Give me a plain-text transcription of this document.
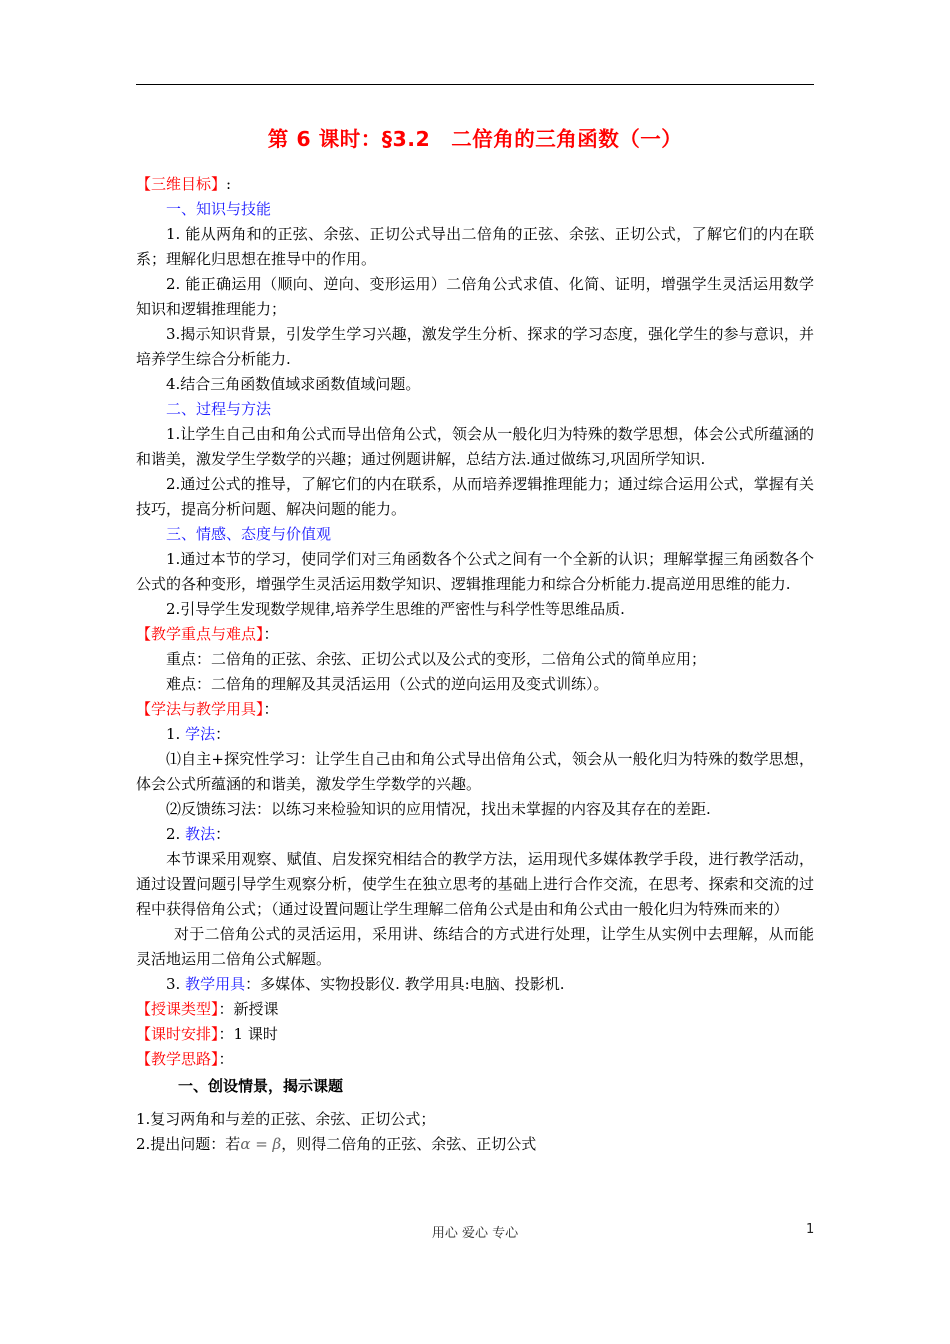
第 6 课时：§3.2　二倍角的三角函数（一）

【三维目标】:

一、知识与技能

1. 能从两角和的正弦、余弦、正切公式导出二倍角的正弦、余弦、正切公式，了解它们的内在联系；理解化归思想在推导中的作用。

2. 能正确运用（顺向、逆向、变形运用）二倍角公式求值、化简、证明，增强学生灵活运用数学知识和逻辑推理能力；

3.揭示知识背景，引发学生学习兴趣，激发学生分析、探求的学习态度，强化学生的参与意识，并培养学生综合分析能力.

4.结合三角函数值域求函数值域问题。

二、过程与方法

1.让学生自己由和角公式而导出倍角公式，领会从一般化归为特殊的数学思想，体会公式所蕴涵的和谐美，激发学生学数学的兴趣；通过例题讲解，总结方法.通过做练习,巩固所学知识.

2.通过公式的推导，了解它们的内在联系，从而培养逻辑推理能力；通过综合运用公式，掌握有关技巧，提高分析问题、解决问题的能力。

三、情感、态度与价值观

1.通过本节的学习，使同学们对三角函数各个公式之间有一个全新的认识；理解掌握三角函数各个公式的各种变形，增强学生灵活运用数学知识、逻辑推理能力和综合分析能力.提高逆用思维的能力.

2.引导学生发现数学规律,培养学生思维的严密性与科学性等思维品质.

【教学重点与难点】：

重点：二倍角的正弦、余弦、正切公式以及公式的变形，二倍角公式的简单应用；

难点：二倍角的理解及其灵活运用（公式的逆向运用及变式训练）。

【学法与教学用具】：

1. 学法：

⑴自主+探究性学习：让学生自己由和角公式导出倍角公式，领会从一般化归为特殊的数学思想，体会公式所蕴涵的和谐美，激发学生学数学的兴趣。

⑵反馈练习法：以练习来检验知识的应用情况，找出未掌握的内容及其存在的差距.

2. 教法：

本节课采用观察、赋值、启发探究相结合的教学方法，运用现代多媒体教学手段，进行教学活动，通过设置问题引导学生观察分析，使学生在独立思考的基础上进行合作交流，在思考、探索和交流的过程中获得倍角公式；（通过设置问题让学生理解二倍角公式是由和角公式由一般化归为特殊而来的）

对于二倍角公式的灵活运用，采用讲、练结合的方式进行处理，让学生从实例中去理解，从而能灵活地运用二倍角公式解题。

3. 教学用具：多媒体、实物投影仪. 教学用具:电脑、投影机.

【授课类型】：新授课

【课时安排】：1 课时

【教学思路】：

一、创设情景，揭示课题

1.复习两角和与差的正弦、余弦、正切公式；

2.提出问题：若α = β，则得二倍角的正弦、余弦、正切公式

用心 爱心 专心	1
